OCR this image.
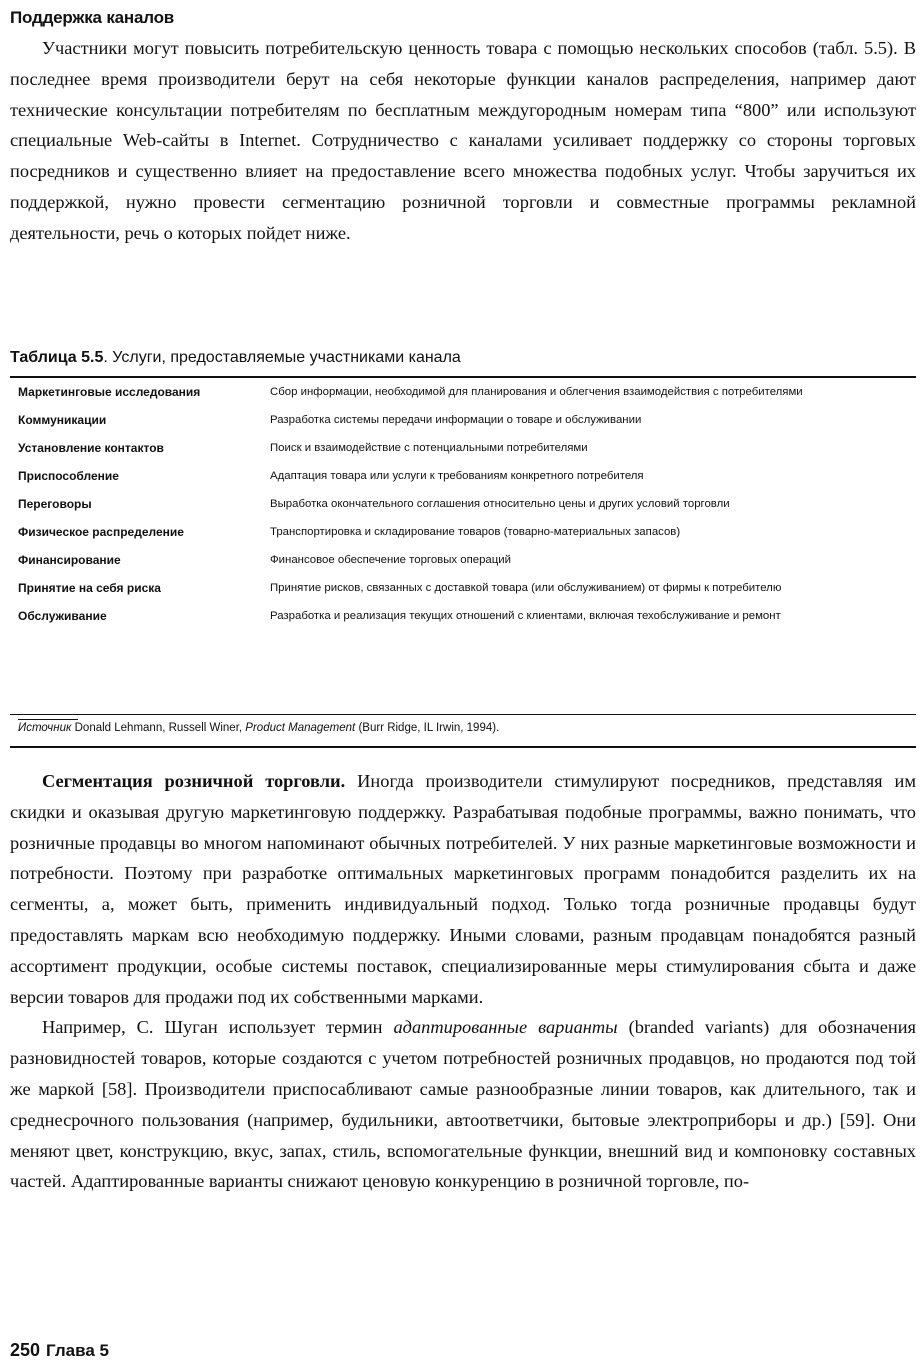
Поддержка каналов

Участники могут повысить потребительскую ценность товара с помощью нескольких способов (табл. 5.5). В последнее время производители берут на себя некоторые функции каналов распределения, например дают технические консультации потребителям по бесплатным междугородным номерам типа “800” или используют специальные Web-сайты в Internet. Сотрудничество с каналами усиливает поддержку со стороны торговых посредников и существенно влияет на предоставление всего множества подобных услуг. Чтобы заручиться их поддержкой, нужно провести сегментацию розничной торговли и совместные программы рекламной деятельности, речь о которых пойдет ниже.

Таблица 5.5. Услуги, предоставляемые участниками канала
Маркетинговые исследования	Сбор информации, необходимой для планирования и облегчения взаимодействия с потребителями
Коммуникации	Разработка системы передачи информации о товаре и обслуживании
Установление контактов	Поиск и взаимодействие с потенциальными потребителями
Приспособление	Адаптация товара или услуги к требованиям конкретного потребителя
Переговоры	Выработка окончательного соглашения относительно цены и других условий торговли
Физическое распределение	Транспортировка и складирование товаров (товарно-материальных запасов)
Финансирование	Финансовое обеспечение торговых операций
Принятие на себя риска	Принятие рисков, связанных с доставкой товара (или обслуживанием) от фирмы к потребителю
Обслуживание	Разработка и реализация текущих отношений с клиентами, включая техобслуживание и ремонт
Источник Donald Lehmann, Russell Winer, Product Management (Burr Ridge, IL Irwin, 1994).

Сегментация розничной торговли. Иногда производители стимулируют посредников, представляя им скидки и оказывая другую маркетинговую поддержку. Разрабатывая подобные программы, важно понимать, что розничные продавцы во многом напоминают обычных потребителей. У них разные маркетинговые возможности и потребности. Поэтому при разработке оптимальных маркетинговых программ понадобится разделить их на сегменты, а, может быть, применить индивидуальный подход. Только тогда розничные продавцы будут предоставлять маркам всю необходимую поддержку. Иными словами, разным продавцам понадобятся разный ассортимент продукции, особые системы поставок, специализированные меры стимулирования сбыта и даже версии товаров для продажи под их собственными марками.

Например, С. Шуган использует термин адаптированные варианты (branded variants) для обозначения разновидностей товаров, которые создаются с учетом потребностей розничных продавцов, но продаются под той же маркой [58]. Производители приспосабливают самые разнообразные линии товаров, как длительного, так и среднесрочного пользования (например, будильники, автоответчики, бытовые электроприборы и др.) [59]. Они меняют цвет, конструкцию, вкус, запах, стиль, вспомогательные функции, внешний вид и компоновку составных частей. Адаптированные варианты снижают ценовую конкуренцию в розничной торговле, по-

250 Глава 5
